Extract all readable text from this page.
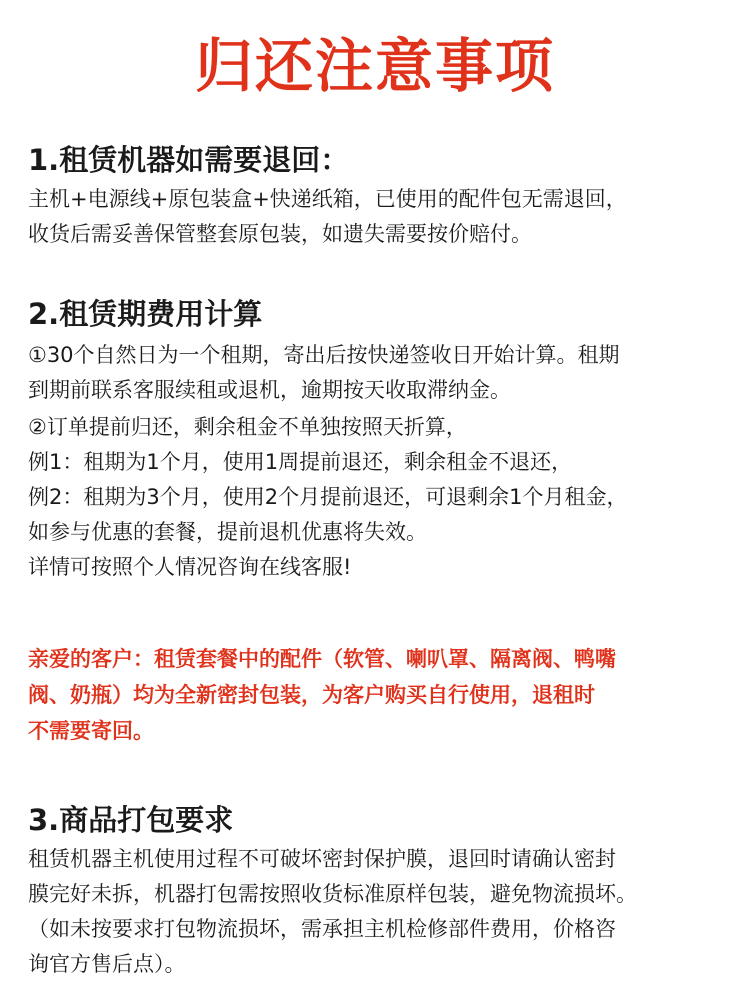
归还注意事项
1.租赁机器如需要退回：
主机+电源线+原包装盒+快递纸箱，已使用的配件包无需退回，
收货后需妥善保管整套原包装，如遗失需要按价赔付。
2.租赁期费用计算
①30个自然日为一个租期，寄出后按快递签收日开始计算。租期
到期前联系客服续租或退机，逾期按天收取滞纳金。
②订单提前归还，剩余租金不单独按照天折算，
例1：租期为1个月，使用1周提前退还，剩余租金不退还，
例2：租期为3个月，使用2个月提前退还，可退剩余1个月租金，
如参与优惠的套餐，提前退机优惠将失效。
详情可按照个人情况咨询在线客服!
亲爱的客户：租赁套餐中的配件（软管、喇叭罩、隔离阀、鸭嘴
阀、奶瓶）均为全新密封包装，为客户购买自行使用，退租时
不需要寄回。
3.商品打包要求
租赁机器主机使用过程不可破坏密封保护膜，退回时请确认密封
膜完好未拆，机器打包需按照收货标准原样包装，避免物流损坏。
（如未按要求打包物流损坏，需承担主机检修部件费用，价格咨
询官方售后点）。
